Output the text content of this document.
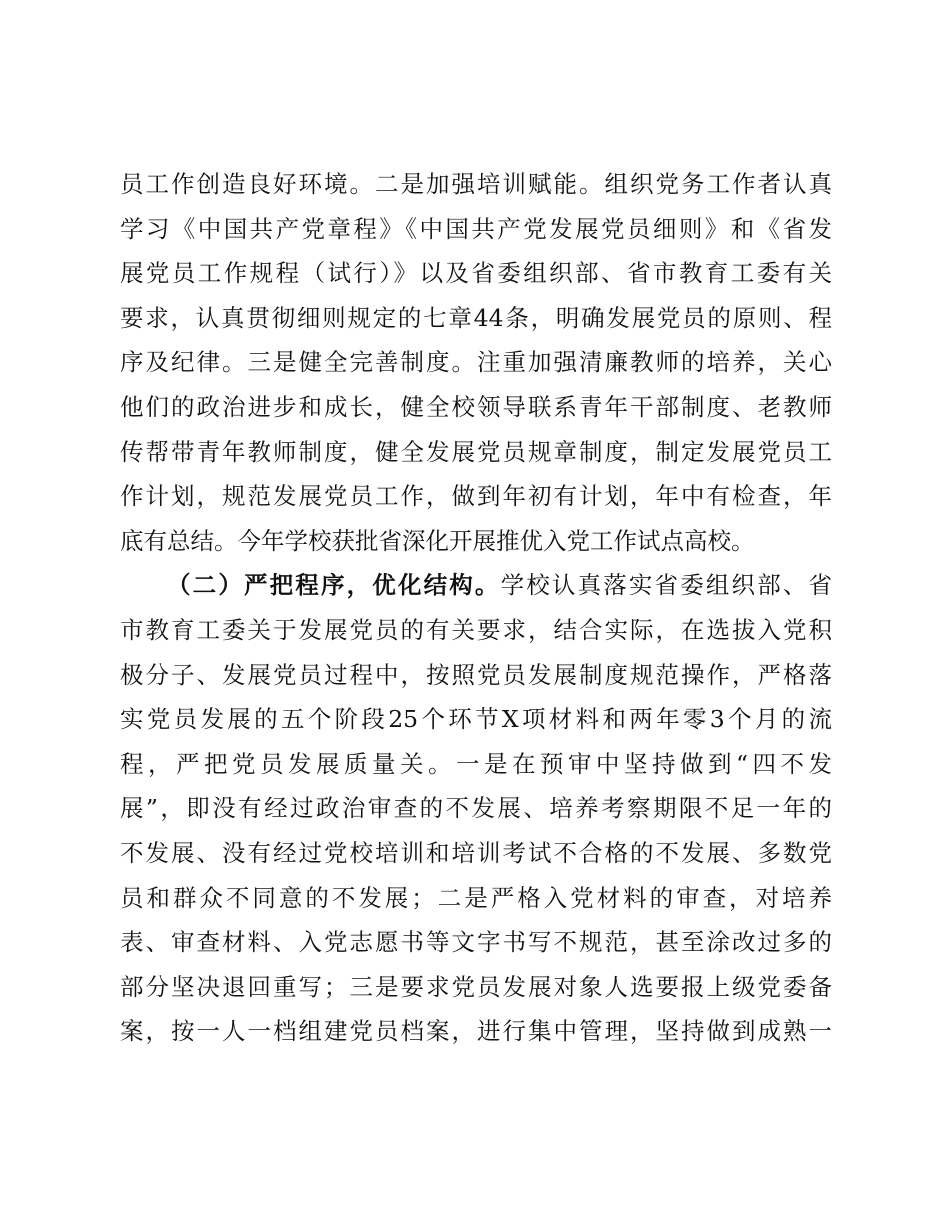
员工作创造良好环境。二是加强培训赋能。组织党务工作者认真
学习《中国共产党章程》《中国共产党发展党员细则》和《省发
展党员工作规程（试行）》以及省委组织部、省市教育工委有关
要求，认真贯彻细则规定的七章44条，明确发展党员的原则、程
序及纪律。三是健全完善制度。注重加强清廉教师的培养，关心
他们的政治进步和成长，健全校领导联系青年干部制度、老教师
传帮带青年教师制度，健全发展党员规章制度，制定发展党员工
作计划，规范发展党员工作，做到年初有计划，年中有检查，年
底有总结。今年学校获批省深化开展推优入党工作试点高校。
（二）严把程序，优化结构。学校认真落实省委组织部、省
市教育工委关于发展党员的有关要求，结合实际，在选拔入党积
极分子、发展党员过程中，按照党员发展制度规范操作，严格落
实党员发展的五个阶段25个环节X项材料和两年零3个月的流
程，严把党员发展质量关。一是在预审中坚持做到“四不发
展”，即没有经过政治审查的不发展、培养考察期限不足一年的
不发展、没有经过党校培训和培训考试不合格的不发展、多数党
员和群众不同意的不发展；二是严格入党材料的审查，对培养
表、审查材料、入党志愿书等文字书写不规范，甚至涂改过多的
部分坚决退回重写；三是要求党员发展对象人选要报上级党委备
案，按一人一档组建党员档案，进行集中管理，坚持做到成熟一
